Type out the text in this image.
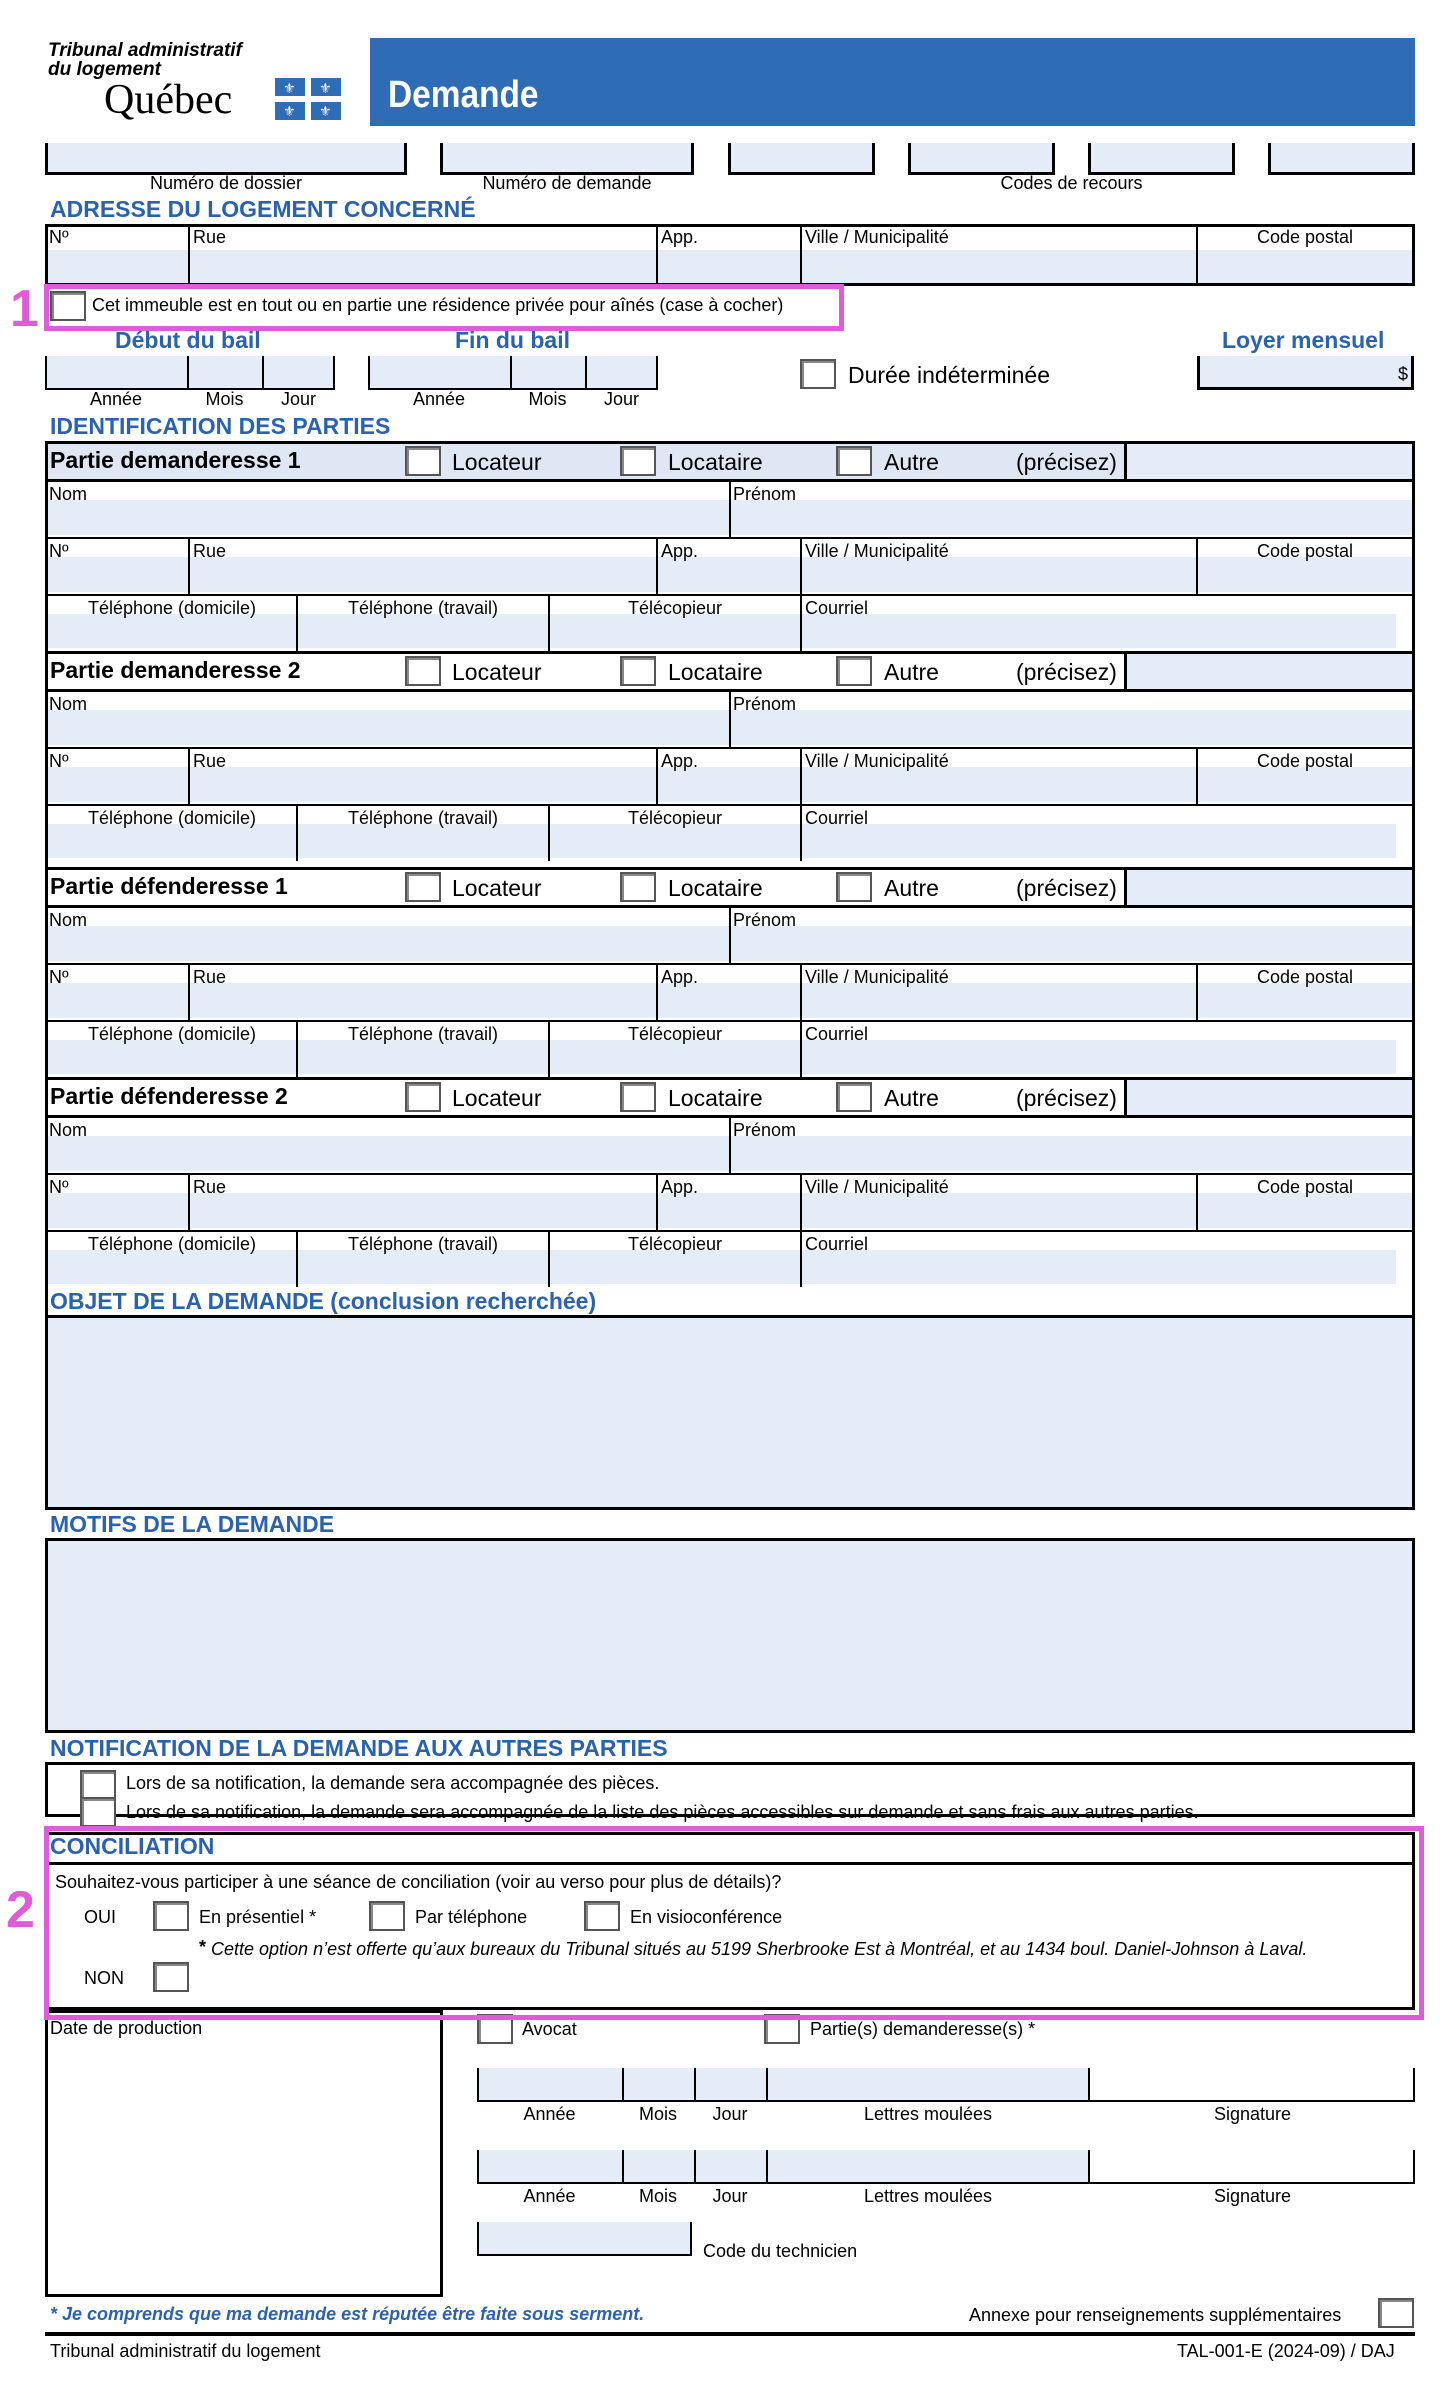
Tribunal administratif
du logement
Québec	⚜ ⚜
⚜ ⚜ Demande
Numéro de dossier	Numéro de demande	Codes de recours
ADRESSE DU LOGEMENT CONCERNÉ
Nº	Rue	App.	Ville / Municipalité	Code postal
Cet immeuble est en tout ou en partie une résidence privée pour aînés (case à cocher)
Début du bail	Fin du bail	Loyer mensuel
Année	Mois	Jour	Année	Mois	Jour
Durée indéterminée	$
IDENTIFICATION DES PARTIES
Partie demanderesse 1	Locateur	Locataire	Autre	(précisez)
Nom	Prénom
Nº	Rue	App.	Ville / Municipalité	Code postal
Téléphone (domicile)	Téléphone (travail)	Télécopieur	Courriel
Partie demanderesse 2	Locateur	Locataire	Autre	(précisez)
Nom	Prénom
Nº	Rue	App.	Ville / Municipalité	Code postal
Téléphone (domicile)	Téléphone (travail)	Télécopieur	Courriel
Partie défenderesse 1	Locateur	Locataire	Autre	(précisez)
Nom	Prénom
Nº	Rue	App.	Ville / Municipalité	Code postal
Téléphone (domicile)	Téléphone (travail)	Télécopieur	Courriel
Partie défenderesse 2	Locateur	Locataire	Autre	(précisez)
Nom	Prénom
Nº	Rue	App.	Ville / Municipalité	Code postal
Téléphone (domicile)	Téléphone (travail)	Télécopieur	Courriel
OBJET DE LA DEMANDE (conclusion recherchée)
MOTIFS DE LA DEMANDE
NOTIFICATION DE LA DEMANDE AUX AUTRES PARTIES
Lors de sa notification, la demande sera accompagnée des pièces.
Lors de sa notification, la demande sera accompagnée de la liste des pièces accessibles sur demande et sans frais aux autres parties.
CONCILIATION
Souhaitez-vous participer à une séance de conciliation (voir au verso pour plus de détails)?
OUI	En présentiel *	Par téléphone	En visioconférence
* Cette option n’est offerte qu’aux bureaux du Tribunal situés au 5199 Sherbrooke Est à Montréal, et au 1434 boul. Daniel-Johnson à Laval.
NON
Date de production	Avocat	Partie(s) demanderesse(s) *
Année	Mois	Jour	Lettres moulées	Signature
Année	Mois	Jour	Lettres moulées	Signature
Code du technicien
* Je comprends que ma demande est réputée être faite sous serment.	Annexe pour renseignements supplémentaires
Tribunal administratif du logement	TAL-001-E (2024-09) / DAJ
1
2
